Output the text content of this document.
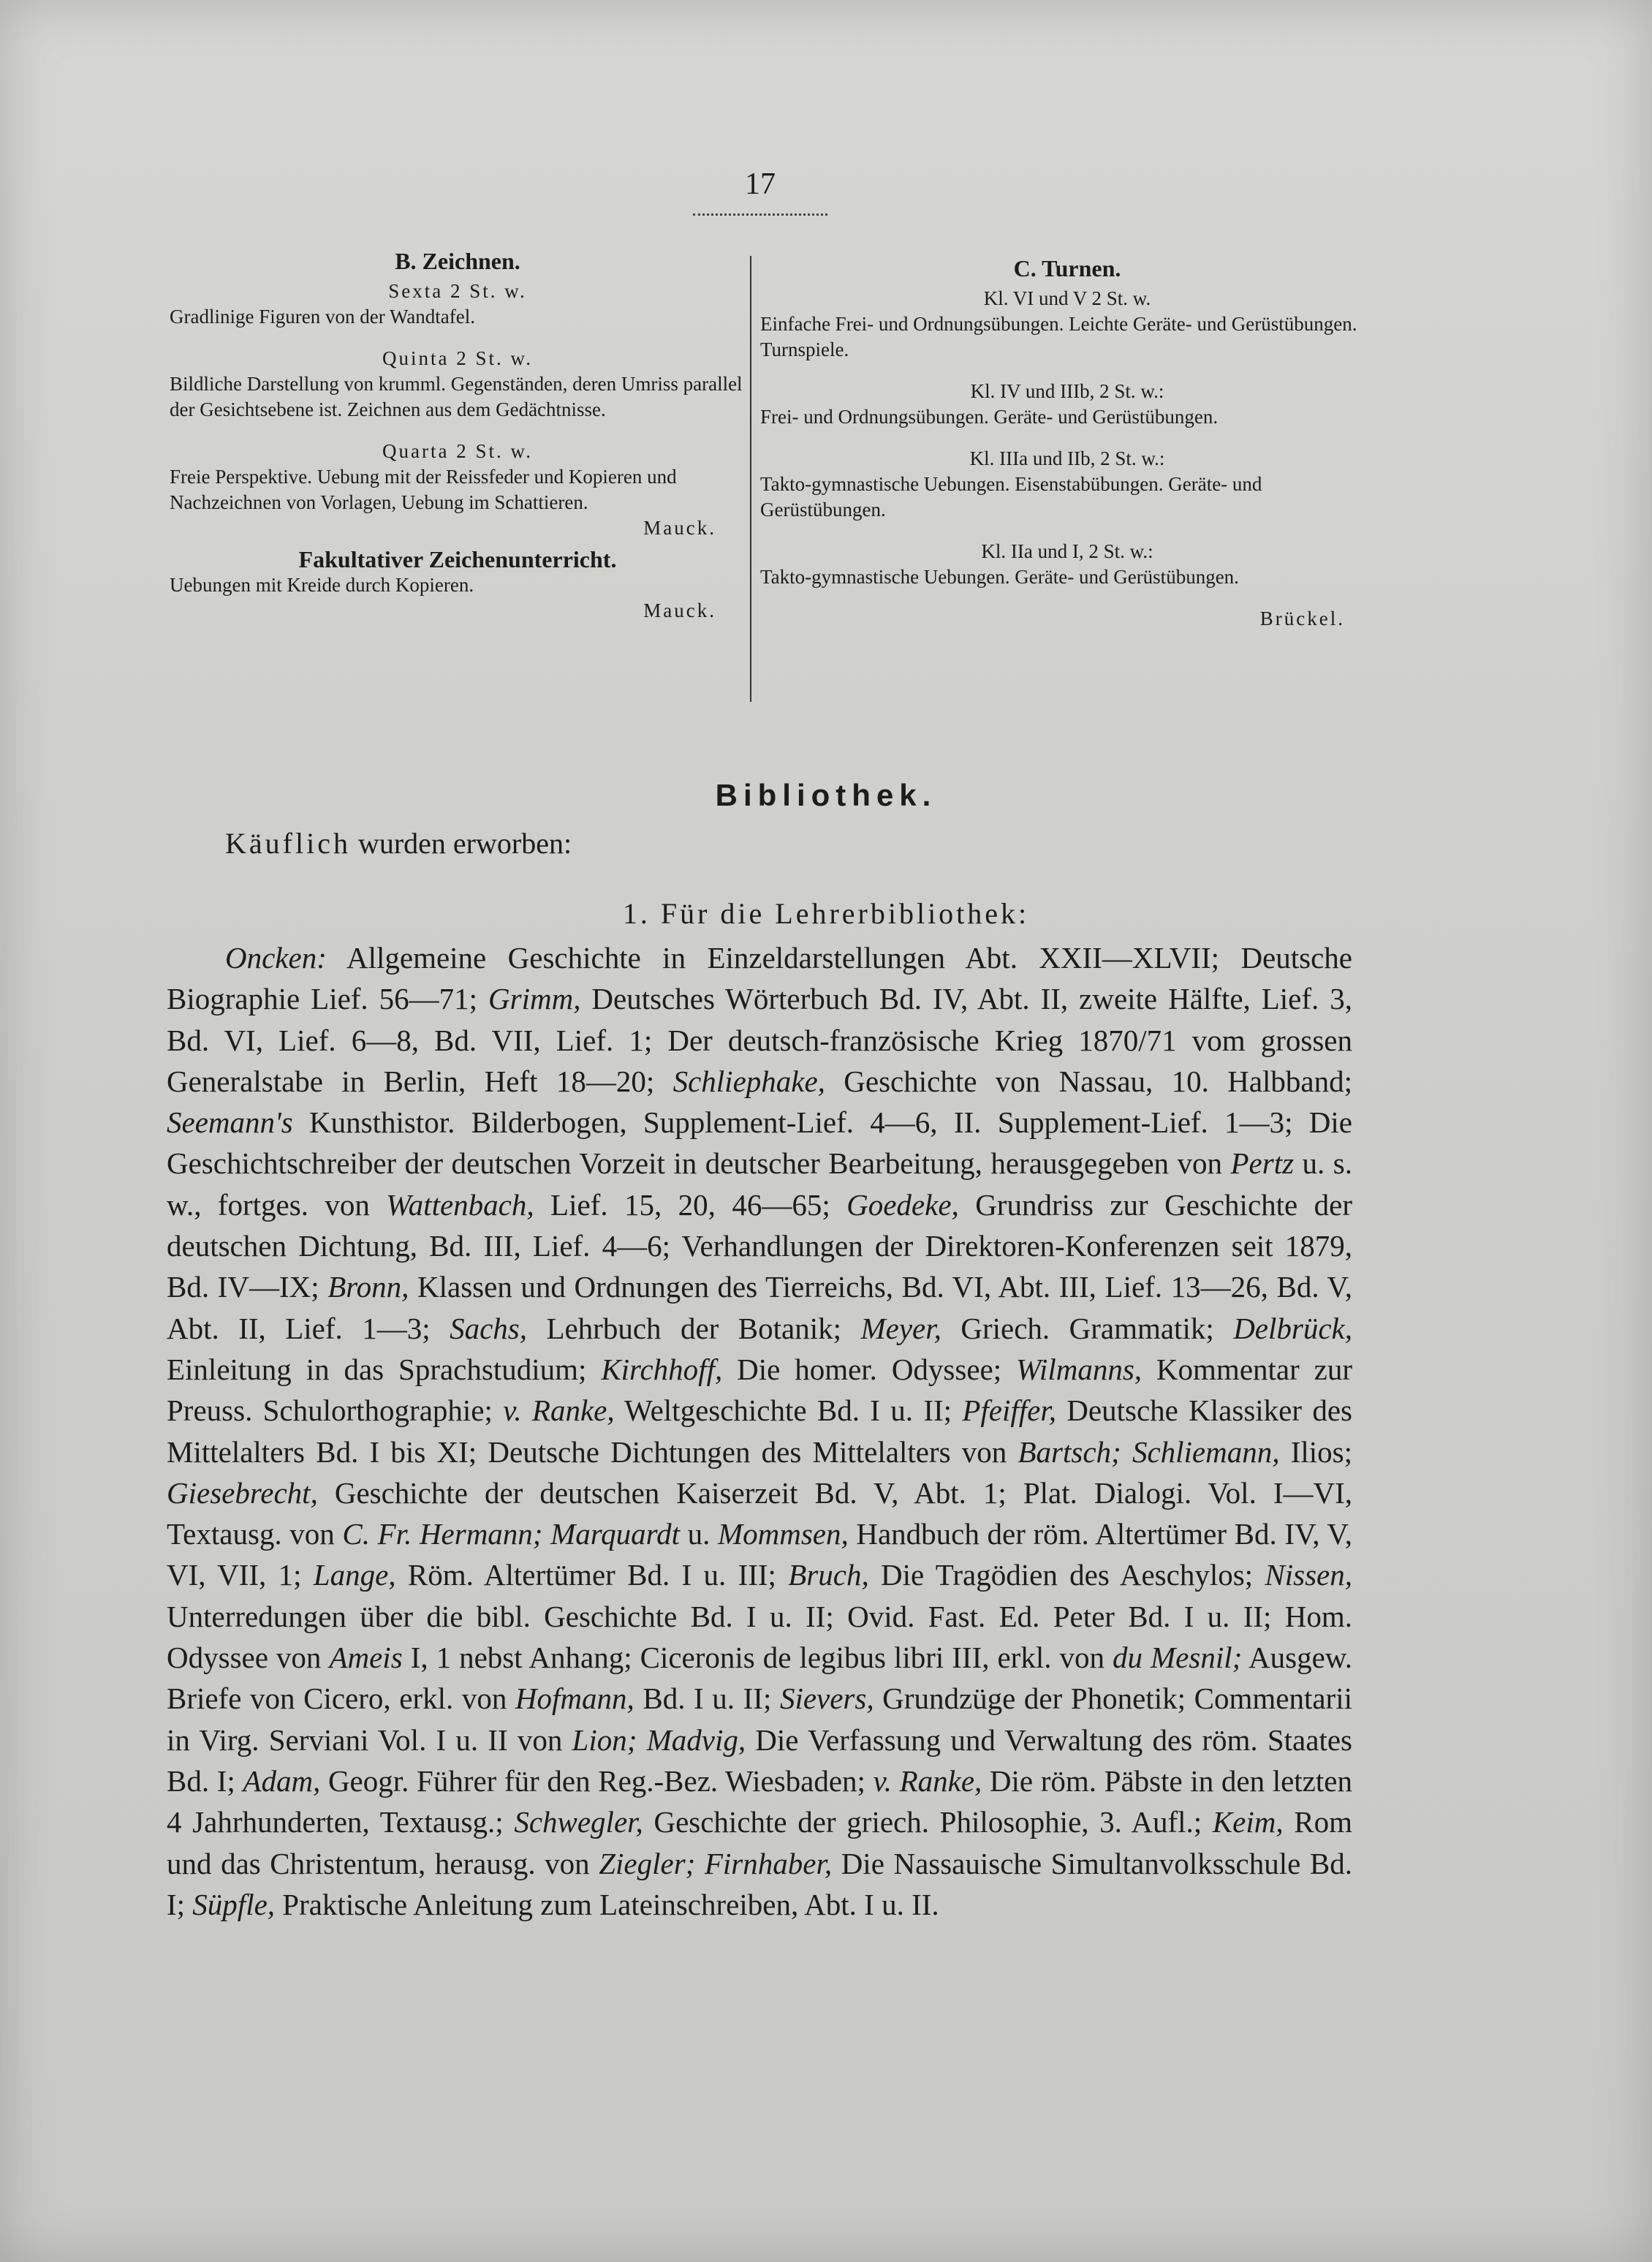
17
B. Zeichnen.
Sexta 2 St. w.

Gradlinige Figuren von der Wandtafel.

Quinta 2 St. w.

Bildliche Darstellung von krumml. Gegenständen, deren Umriss parallel der Gesichtsebene ist. Zeichnen aus dem Gedächtnisse.

Quarta 2 St. w.

Freie Perspektive. Uebung mit der Reissfeder und Kopieren und Nachzeichnen von Vorlagen, Uebung im Schattieren.

Mauck.
Fakultativer Zeichenunterricht.

Uebungen mit Kreide durch Kopieren.

Mauck.
C. Turnen.
Kl. VI und V 2 St. w.

Einfache Frei- und Ordnungsübungen. Leichte Geräte- und Gerüstübungen. Turnspiele.

Kl. IV und IIIb, 2 St. w.:

Frei- und Ordnungsübungen. Geräte- und Gerüstübungen.

Kl. IIIa und IIb, 2 St. w.:

Takto-gymnastische Uebungen. Eisenstabübungen. Geräte- und Gerüstübungen.

Kl. IIa und I, 2 St. w.:

Takto-gymnastische Uebungen. Geräte- und Gerüstübungen.

Brückel.
Bibliothek.
Käuflich wurden erworben:
1. Für die Lehrerbibliothek:

Oncken: Allgemeine Geschichte in Einzeldarstellungen Abt. XXII—XLVII; Deutsche Biographie Lief. 56—71; Grimm, Deutsches Wörterbuch Bd. IV, Abt. II, zweite Hälfte, Lief. 3, Bd. VI, Lief. 6—8, Bd. VII, Lief. 1; Der deutsch-französische Krieg 1870/71 vom grossen Generalstabe in Berlin, Heft 18—20; Schliephake, Geschichte von Nassau, 10. Halbband; Seemann's Kunsthistor. Bilderbogen, Supplement-Lief. 4—6, II. Supplement-Lief. 1—3; Die Geschichtschreiber der deutschen Vorzeit in deutscher Bearbeitung, herausgegeben von Pertz u. s. w., fortges. von Wattenbach, Lief. 15, 20, 46—65; Goedeke, Grundriss zur Geschichte der deutschen Dichtung, Bd. III, Lief. 4—6; Verhandlungen der Direktoren-Konferenzen seit 1879, Bd. IV—IX; Bronn, Klassen und Ordnungen des Tierreichs, Bd. VI, Abt. III, Lief. 13—26, Bd. V, Abt. II, Lief. 1—3; Sachs, Lehrbuch der Botanik; Meyer, Griech. Grammatik; Delbrück, Einleitung in das Sprachstudium; Kirchhoff, Die homer. Odyssee; Wilmanns, Kommentar zur Preuss. Schulorthographie; v. Ranke, Weltgeschichte Bd. I u. II; Pfeiffer, Deutsche Klassiker des Mittelalters Bd. I bis XI; Deutsche Dichtungen des Mittelalters von Bartsch; Schliemann, Ilios; Giesebrecht, Geschichte der deutschen Kaiserzeit Bd. V, Abt. 1; Plat. Dialogi. Vol. I—VI, Textausg. von C. Fr. Hermann; Marquardt u. Mommsen, Handbuch der röm. Altertümer Bd. IV, V, VI, VII, 1; Lange, Röm. Altertümer Bd. I u. III; Bruch, Die Tragödien des Aeschylos; Nissen, Unterredungen über die bibl. Geschichte Bd. I u. II; Ovid. Fast. Ed. Peter Bd. I u. II; Hom. Odyssee von Ameis I, 1 nebst Anhang; Ciceronis de legibus libri III, erkl. von du Mesnil; Ausgew. Briefe von Cicero, erkl. von Hofmann, Bd. I u. II; Sievers, Grundzüge der Phonetik; Commentarii in Virg. Serviani Vol. I u. II von Lion; Madvig, Die Verfassung und Verwaltung des röm. Staates Bd. I; Adam, Geogr. Führer für den Reg.-Bez. Wiesbaden; v. Ranke, Die röm. Päbste in den letzten 4 Jahrhunderten, Textausg.; Schwegler, Geschichte der griech. Philosophie, 3. Aufl.; Keim, Rom und das Christentum, herausg. von Ziegler; Firnhaber, Die Nassauische Simultanvolksschule Bd. I; Süpfle, Praktische Anleitung zum Lateinschreiben, Abt. I u. II.
